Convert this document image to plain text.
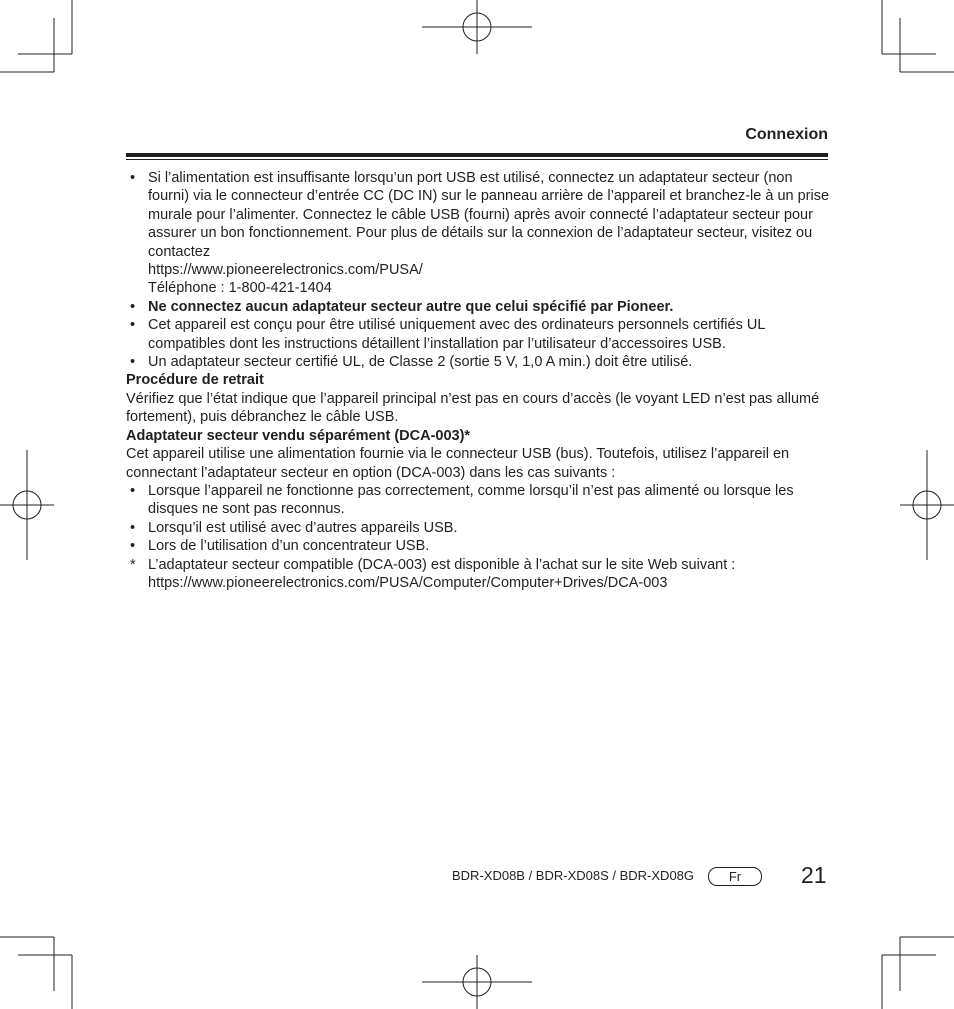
Connexion
• Si l’alimentation est insuffisante lorsqu’un port USB est utilisé, connectez un adaptateur secteur (non fourni) via le connecteur d’entrée CC (DC IN) sur le panneau arrière de l’appareil et branchez-le à un prise murale pour l’alimenter. Connectez le câble USB (fourni) après avoir connecté l’adaptateur secteur pour assurer un bon fonctionnement. Pour plus de détails sur la connexion de l’adaptateur secteur, visitez ou contactez
https://www.pioneerelectronics.com/PUSA/
Téléphone : 1-800-421-1404
• Ne connectez aucun adaptateur secteur autre que celui spécifié par Pioneer.
• Cet appareil est conçu pour être utilisé uniquement avec des ordinateurs personnels certifiés UL compatibles dont les instructions détaillent l’installation par l’utilisateur d’accessoires USB.
• Un adaptateur secteur certifié UL, de Classe 2 (sortie 5 V, 1,0 A min.) doit être utilisé.
Procédure de retrait

Vérifiez que l’état indique que l’appareil principal n’est pas en cours d’accès (le voyant LED n’est pas allumé fortement), puis débranchez le câble USB.

Adaptateur secteur vendu séparément (DCA-003)*

Cet appareil utilise une alimentation fournie via le connecteur USB (bus). Toutefois, utilisez l’appareil en connectant l’adaptateur secteur en option (DCA-003) dans les cas suivants :

• Lorsque l’appareil ne fonctionne pas correctement, comme lorsqu’il n’est pas alimenté ou lorsque les disques ne sont pas reconnus.
• Lorsqu’il est utilisé avec d’autres appareils USB.
• Lors de l’utilisation d’un concentrateur USB.
* L’adaptateur secteur compatible (DCA-003) est disponible à l’achat sur le site Web suivant :
https://www.pioneerelectronics.com/PUSA/Computer/Computer+Drives/DCA-003
BDR-XD08B / BDR-XD08S / BDR-XD08G	Fr	21
